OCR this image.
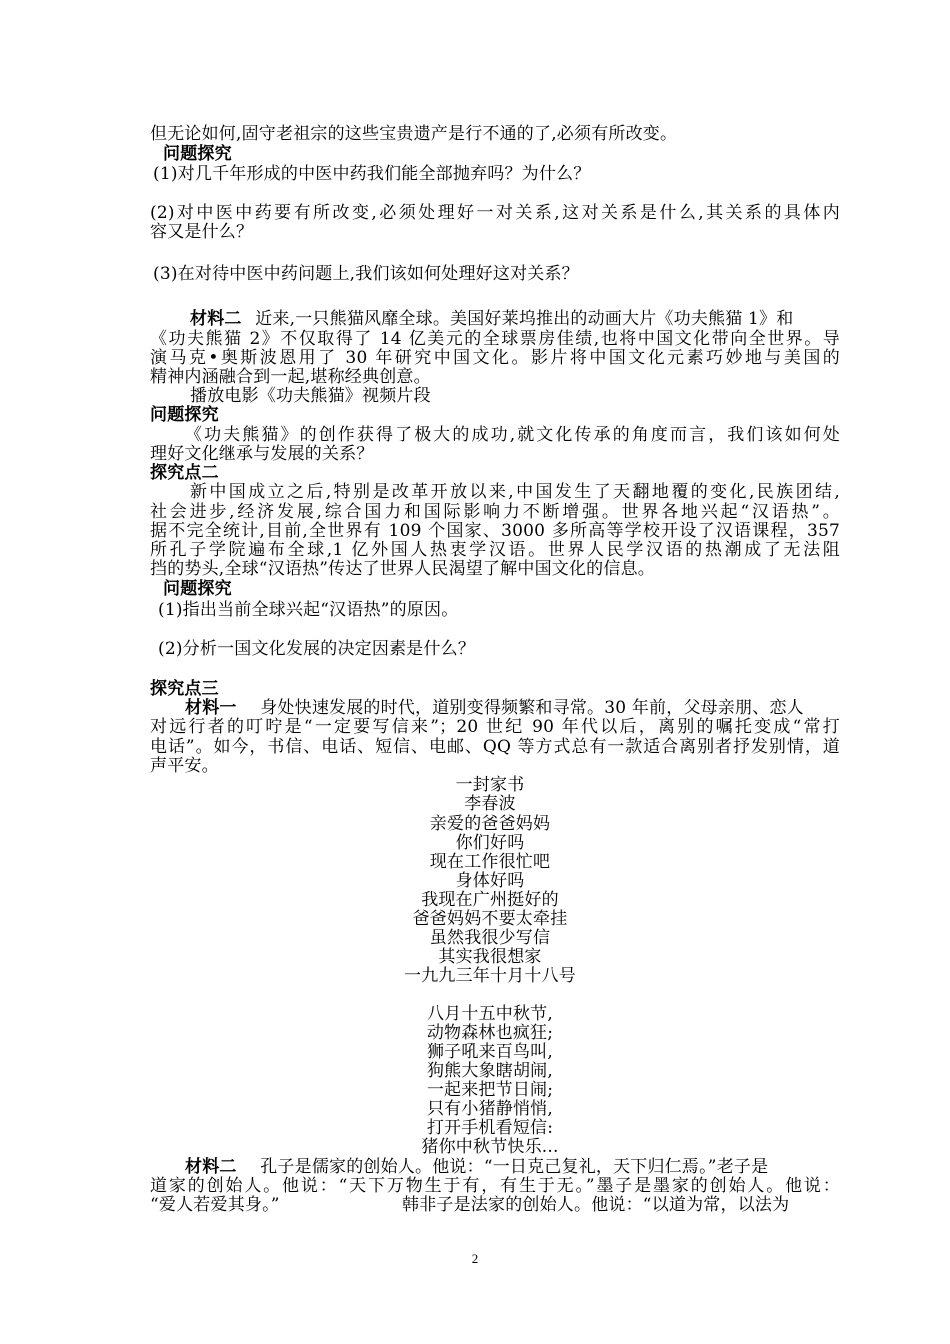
但无论如何,固守老祖宗的这些宝贵遗产是行不通的了,必须有所改变。
问题探究
(1)对几千年形成的中医中药我们能全部抛弃吗？为什么？
(2)对中医中药要有所改变,必须处理好一对关系,这对关系是什么,其关系的具体内
容又是什么？
(3)在对待中医中药问题上,我们该如何处理好这对关系？
材料二 近来,一只熊猫风靡全球。美国好莱坞推出的动画大片《功夫熊猫 1》和
《功夫熊猫 2》不仅取得了 14 亿美元的全球票房佳绩,也将中国文化带向全世界。导
演马克•奥斯波恩用了 30 年研究中国文化。影片将中国文化元素巧妙地与美国的
精神内涵融合到一起,堪称经典创意。
播放电影《功夫熊猫》视频片段
问题探究
《功夫熊猫》的创作获得了极大的成功,就文化传承的角度而言，我们该如何处
理好文化继承与发展的关系？
探究点二
新中国成立之后,特别是改革开放以来,中国发生了天翻地覆的变化,民族团结,
社会进步,经济发展,综合国力和国际影响力不断增强。世界各地兴起“汉语热”。
据不完全统计,目前,全世界有 109 个国家、3000 多所高等学校开设了汉语课程，357
所孔子学院遍布全球,1 亿外国人热衷学汉语。世界人民学汉语的热潮成了无法阻
挡的势头,全球“汉语热”传达了世界人民渴望了解中国文化的信息。
问题探究
(1)指出当前全球兴起“汉语热”的原因。
(2)分析一国文化发展的决定因素是什么？
探究点三
材料一 身处快速发展的时代，道别变得频繁和寻常。30 年前，父母亲朋、恋人
对远行者的叮咛是“一定要写信来”；20 世纪 90 年代以后，离别的嘱托变成“常打
电话”。如今，书信、电话、短信、电邮、QQ 等方式总有一款适合离别者抒发别情，道
声平安。
一封家书
李春波
亲爱的爸爸妈妈
你们好吗
现在工作很忙吧
身体好吗
我现在广州挺好的
爸爸妈妈不要太牵挂
虽然我很少写信
其实我很想家
一九九三年十月十八号
八月十五中秋节,
动物森林也疯狂;
狮子吼来百鸟叫,
狗熊大象瞎胡闹,
一起来把节日闹;
只有小猪静悄悄,
打开手机看短信:
猪你中秋节快乐...
材料二 孔子是儒家的创始人。他说：“一日克己复礼，天下归仁焉。”老子是
道家的创始人。他说：“天下万物生于有，有生于无。”墨子是墨家的创始人。他说：
“爱人若爱其身。”	韩非子是法家的创始人。他说：“以道为常，以法为
2
